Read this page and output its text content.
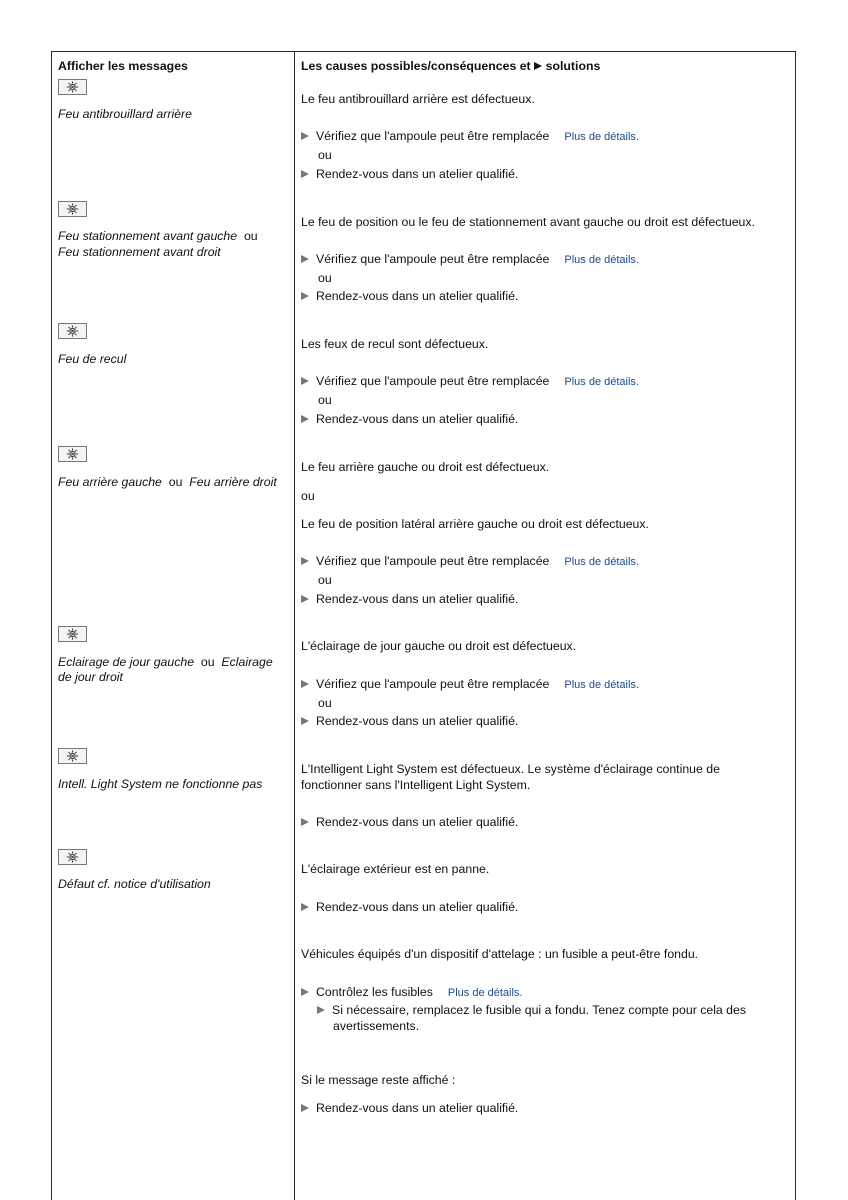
Afficher les messages	Les causes possibles/conséquences et solutions
Feu antibrouillard arrière
Le feu antibrouillard arrière est défectueux.
Vérifiez que l'ampoule peut être remplacée Plus de détails.
ou
Rendez-vous dans un atelier qualifié.
Feu stationnement avant gauche ou
Feu stationnement avant droit
Le feu de position ou le feu de stationnement avant gauche ou droit est défectueux.
Vérifiez que l'ampoule peut être remplacée Plus de détails.
ou
Rendez-vous dans un atelier qualifié.
Feu de recul
Les feux de recul sont défectueux.
Vérifiez que l'ampoule peut être remplacée Plus de détails.
ou
Rendez-vous dans un atelier qualifié.
Feu arrière gauche ou Feu arrière droit
Le feu arrière gauche ou droit est défectueux.
ou
Le feu de position latéral arrière gauche ou droit est défectueux.
Vérifiez que l'ampoule peut être remplacée Plus de détails.
ou
Rendez-vous dans un atelier qualifié.
Eclairage de jour gauche ou Eclairage
de jour droit
L'éclairage de jour gauche ou droit est défectueux.
Vérifiez que l'ampoule peut être remplacée Plus de détails.
ou
Rendez-vous dans un atelier qualifié.
Intell. Light System ne fonctionne pas
L'Intelligent Light System est défectueux. Le système d'éclairage continue de
fonctionner sans l'Intelligent Light System.
Rendez-vous dans un atelier qualifié.
Défaut cf. notice d'utilisation
L'éclairage extérieur est en panne.
Rendez-vous dans un atelier qualifié.
Véhicules équipés d'un dispositif d'attelage : un fusible a peut-être fondu.
Contrôlez les fusibles Plus de détails.
Si nécessaire, remplacez le fusible qui a fondu. Tenez compte pour cela des
avertissements.
Si le message reste affiché :
Rendez-vous dans un atelier qualifié.
